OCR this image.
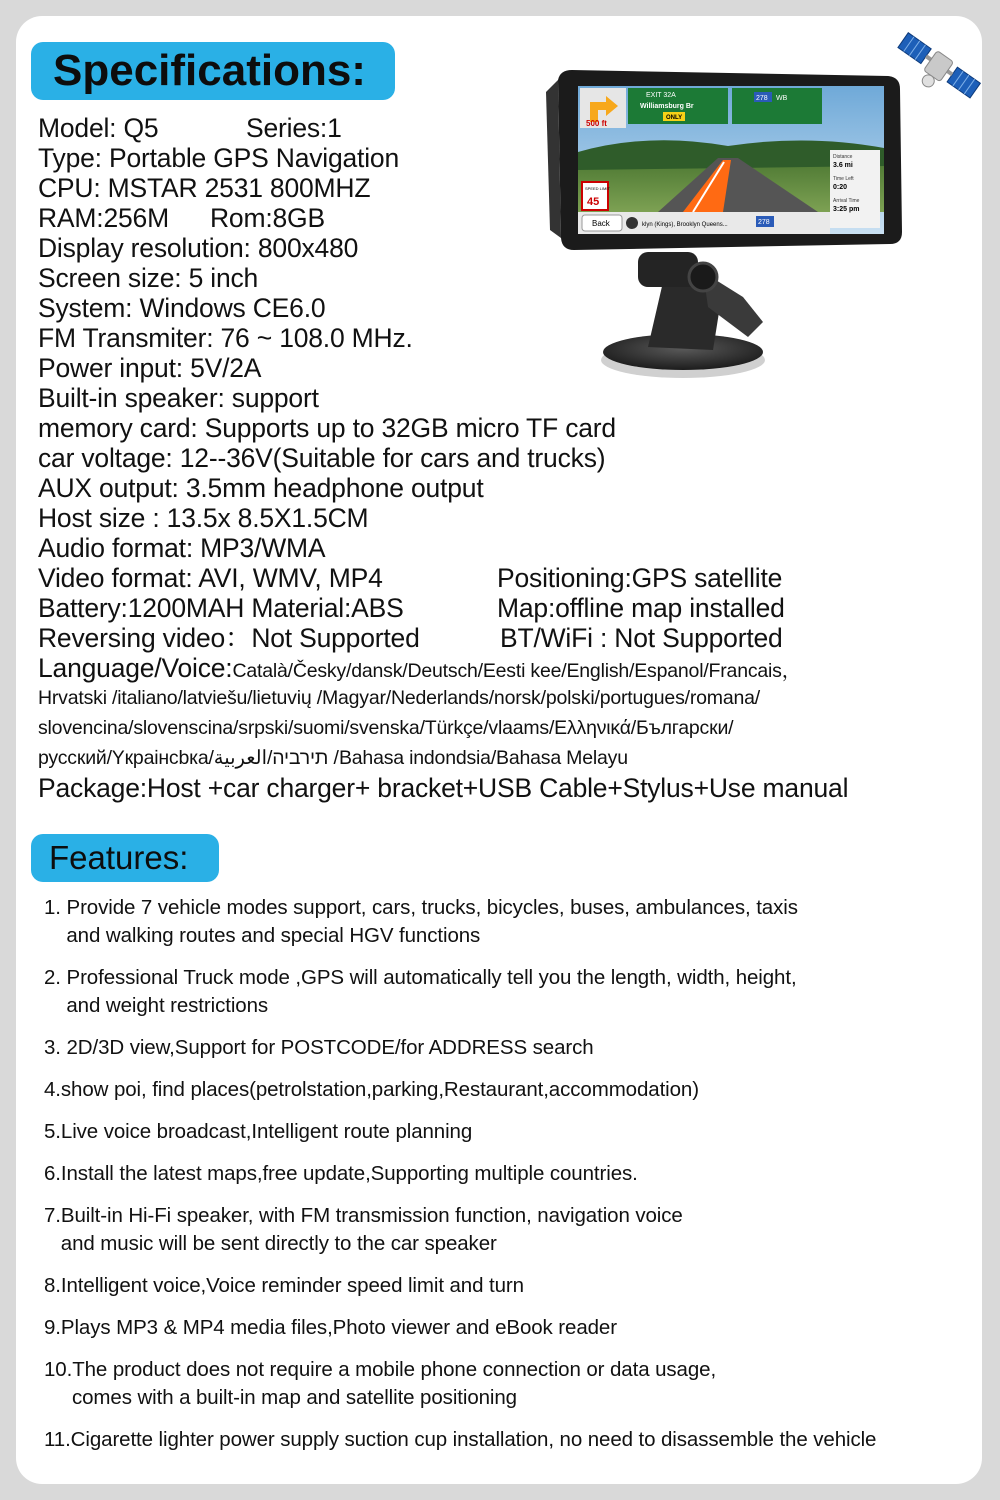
Specifications:
Model: Q5	Series:1
Type: Portable GPS Navigation
CPU: MSTAR 2531 800MHZ
RAM:256M Rom:8GB
Display resolution: 800x480
Screen size: 5 inch
System: Windows CE6.0
FM Transmiter: 76 ~ 108.0 MHz.
Power input: 5V/2A
Built-in speaker: support
memory card: Supports up to 32GB micro TF card
car voltage: 12--36V(Suitable for cars and trucks)
AUX output: 3.5mm headphone output
Host size : 13.5x 8.5X1.5CM
Audio format: MP3/WMA
Video format: AVI, WMV, MP4	Positioning:GPS satellite
Battery:1200MAH Material:ABS	Map:offline map installed
Reversing video：Not Supported	BT/WiFi : Not Supported
Language/Voice:Català/Česky/dansk/Deutsch/Eesti kee/English/Espanol/Francais，
Hrvatski /italiano/latviešu/lietuvių /Magyar/Nederlands/norsk/polski/portugues/romana/
slovencina/slovenscina/srpski/suomi/svenska/Türkçe/vlaams/Ελληνικά/Български/
русский/Yкраінсbка/תירביה/العربية /Bahasa indondsia/Bahasa Melayu
Package:Host +car charger+ bracket+USB Cable+Stylus+Use manual
500 ft
EXIT 32A
Williamsburg Br
ONLY
278 WB
SPEED LIMIT
45
Distance
3.6 mi
Time Left
0:20
Arrival Time
3:25 pm
Back	klyn (Kings), Brooklyn Queens...	278
Features:
1. Provide 7 vehicle modes support, cars, trucks, bicycles, buses, ambulances, taxis
and walking routes and special HGV functions
2. Professional Truck mode ,GPS will automatically tell you the length, width, height,
and weight restrictions
3. 2D/3D view,Support for POSTCODE/for ADDRESS search
4.show poi, find places(petrolstation,parking,Restaurant,accommodation)
5.Live voice broadcast,Intelligent route planning
6.Install the latest maps,free update,Supporting multiple countries.
7.Built-in Hi-Fi speaker, with FM transmission function, navigation voice
and music will be sent directly to the car speaker
8.Intelligent voice,Voice reminder speed limit and turn
9.Plays MP3 & MP4 media files,Photo viewer and eBook reader
10.The product does not require a mobile phone connection or data usage,
comes with a built-in map and satellite positioning
11.Cigarette lighter power supply suction cup installation, no need to disassemble the vehicle
